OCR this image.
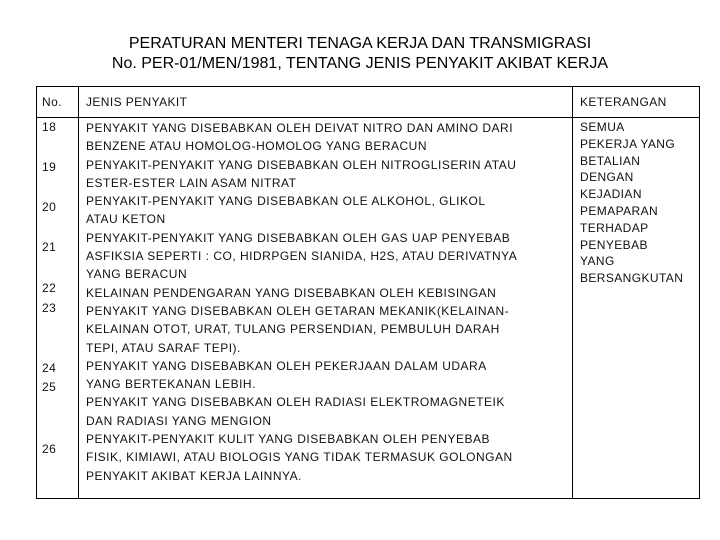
PERATURAN MENTERI TENAGA KERJA DAN TRANSMIGRASI
No. PER-01/MEN/1981, TENTANG JENIS PENYAKIT AKIBAT KERJA
No. JENIS PENYAKIT	KETERANGAN
18
19
20
21
22
23
24
25
26
PENYAKIT YANG DISEBABKAN OLEH DEIVAT NITRO DAN AMINO DARI
BENZENE ATAU HOMOLOG-HOMOLOG YANG BERACUN
PENYAKIT-PENYAKIT YANG DISEBABKAN OLEH NITROGLISERIN ATAU
ESTER-ESTER LAIN ASAM NITRAT
PENYAKIT-PENYAKIT YANG DISEBABKAN OLE ALKOHOL, GLIKOL
ATAU KETON
PENYAKIT-PENYAKIT YANG DISEBABKAN OLEH GAS UAP PENYEBAB
ASFIKSIA SEPERTI : CO, HIDRPGEN SIANIDA, H2S, ATAU DERIVATNYA
YANG BERACUN
KELAINAN PENDENGARAN YANG DISEBABKAN OLEH KEBISINGAN
PENYAKIT YANG DISEBABKAN OLEH GETARAN MEKANIK(KELAINAN-
KELAINAN OTOT, URAT, TULANG PERSENDIAN, PEMBULUH DARAH
TEPI, ATAU SARAF TEPI).
PENYAKIT YANG DISEBABKAN OLEH PEKERJAAN DALAM UDARA
YANG BERTEKANAN LEBIH.
PENYAKIT YANG DISEBABKAN OLEH RADIASI ELEKTROMAGNETEIK
DAN RADIASI YANG MENGION
PENYAKIT-PENYAKIT KULIT YANG DISEBABKAN OLEH PENYEBAB
FISIK, KIMIAWI, ATAU BIOLOGIS YANG TIDAK TERMASUK GOLONGAN
PENYAKIT AKIBAT KERJA LAINNYA.
SEMUA
PEKERJA YANG
BETALIAN
DENGAN
KEJADIAN
PEMAPARAN
TERHADAP
PENYEBAB
YANG
BERSANGKUTAN
